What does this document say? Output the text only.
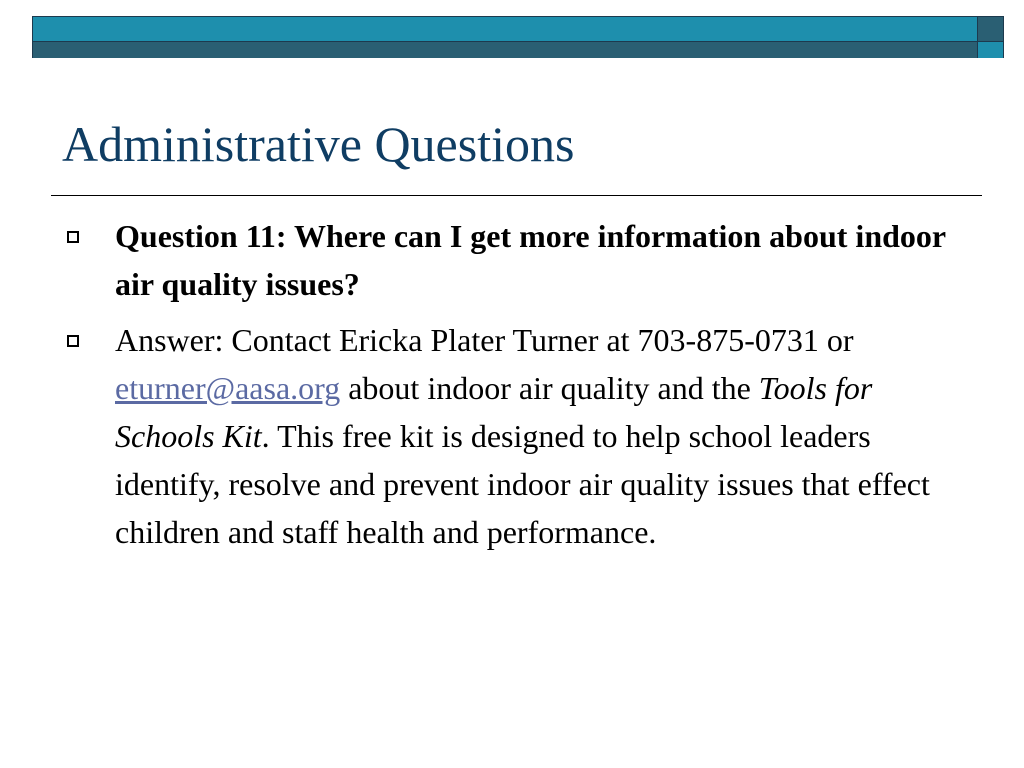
Administrative Questions
Question 11: Where can I get more information about indoor air quality issues?
Answer: Contact Ericka Plater Turner at 703-875-0731 or eturner@aasa.org about indoor air quality and the Tools for Schools Kit. This free kit is designed to help school leaders identify, resolve and prevent indoor air quality issues that effect children and staff health and performance.
